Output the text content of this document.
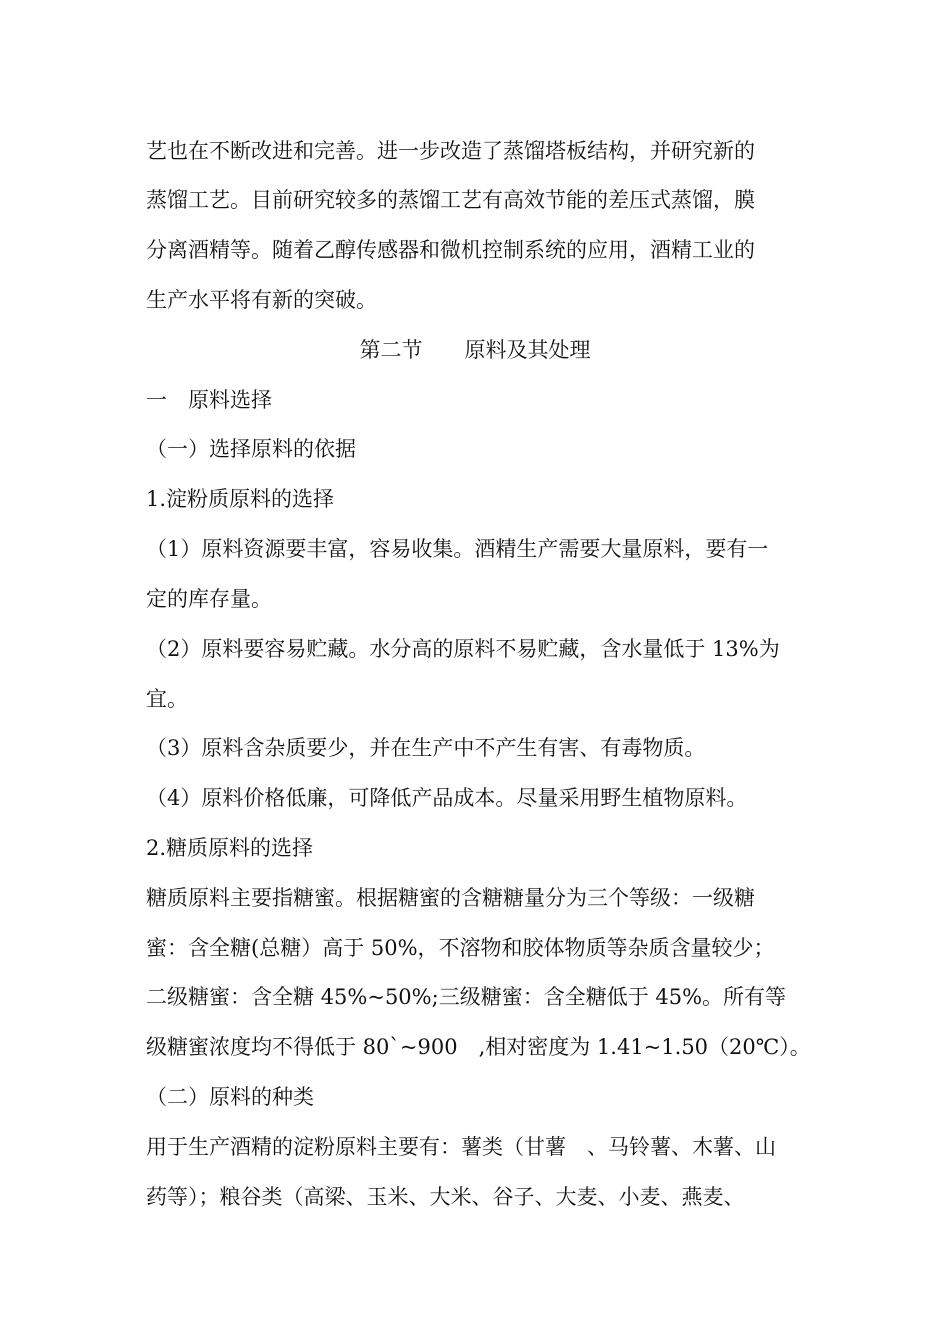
艺也在不断改进和完善。进一步改造了蒸馏塔板结构，并研究新的
蒸馏工艺。目前研究较多的蒸馏工艺有高效节能的差压式蒸馏，膜
分离酒精等。随着乙醇传感器和微机控制系统的应用，酒精工业的
生产水平将有新的突破。
第二节　　原料及其处理
一　原料选择
（一）选择原料的依据
1.淀粉质原料的选择
（1）原料资源要丰富，容易收集。酒精生产需要大量原料，要有一
定的库存量。
（2）原料要容易贮藏。水分高的原料不易贮藏，含水量低于 13%为
宜。
（3）原料含杂质要少，并在生产中不产生有害、有毒物质。
（4）原料价格低廉，可降低产品成本。尽量采用野生植物原料。
2.糖质原料的选择
糖质原料主要指糖蜜。根据糖蜜的含糖糖量分为三个等级：一级糖
蜜：含全糖(总糖）高于 50%，不溶物和胶体物质等杂质含量较少；
二级糖蜜：含全糖 45%~50%;三级糖蜜：含全糖低于 45%。所有等
级糖蜜浓度均不得低于 80`~900　,相对密度为 1.41~1.50（20℃）。
（二）原料的种类
用于生产酒精的淀粉原料主要有：薯类（甘薯　、马铃薯、木薯、山
药等）；粮谷类（高梁、玉米、大米、谷子、大麦、小麦、燕麦、
